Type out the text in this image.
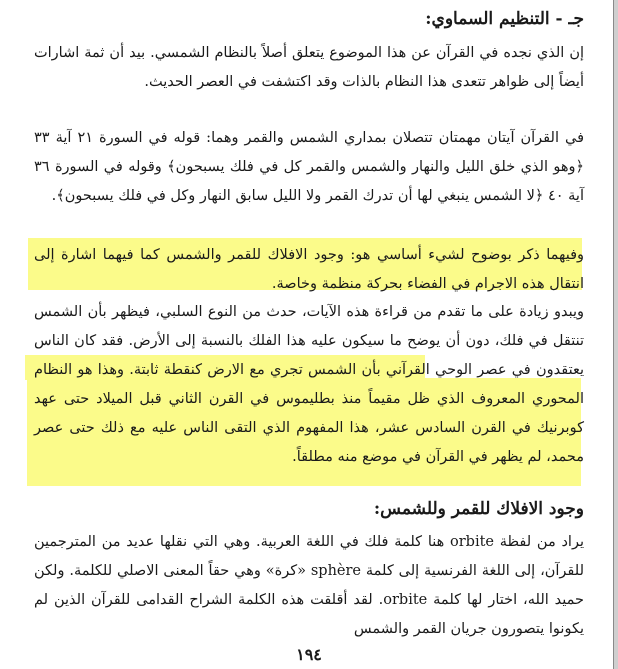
جـ - التنظيم السماوي:

إن الذي نجده في القرآن عن هذا الموضوع يتعلق أصلاً بالنظام الشمسي. بيد أن ثمة اشارات أيضاً إلى ظواهر تتعدى هذا النظام بالذات وقد اكتشفت في العصر الحديث.

في القرآن آيتان مهمتان تتصلان بمداري الشمس والقمر وهما: قوله في السورة ٢١ آية ٣٣ ﴿وهو الذي خلق الليل والنهار والشمس والقمر كل في فلك يسبحون﴾ وقوله في السورة ٣٦ آية ٤٠ ﴿لا الشمس ينبغي لها أن تدرك القمر ولا الليل سابق النهار وكل في فلك يسبحون﴾.

وفيهما ذكر بوضوح لشيء أساسي هو: وجود الافلاك للقمر والشمس كما فيهما اشارة إلى انتقال هذه الاجرام في الفضاء بحركة منظمة وخاصة.

ويبدو زيادة على ما تقدم من قراءة هذه الآيات، حدث من النوع السلبي، فيظهر بأن الشمس تنتقل في فلك، دون أن يوضح ما سيكون عليه هذا الفلك بالنسبة إلى الأرض. فقد كان الناس يعتقدون في عصر الوحي القرآني بأن الشمس تجري مع الارض كنقطة ثابتة. وهذا هو النظام المحوري المعروف الذي ظل مقيماً منذ بطليموس في القرن الثاني قبل الميلاد حتى عهد كوبرنيك في القرن السادس عشر، هذا المفهوم الذي التقى الناس عليه مع ذلك حتى عصر محمد، لم يظهر في القرآن في موضع منه مطلقاً.

وجود الافلاك للقمر وللشمس:

يراد من لفظة orbite هنا كلمة فلك في اللغة العربية. وهي التي نقلها عديد من المترجمين للقرآن، إلى اللغة الفرنسية إلى كلمة sphère «كرة» وهي حقاً المعنى الاصلي للكلمة. ولكن حميد الله، اختار لها كلمة orbite. لقد أقلقت هذه الكلمة الشراح القدامى للقرآن الذين لم يكونوا يتصورون جريان القمر والشمس

١٩٤
